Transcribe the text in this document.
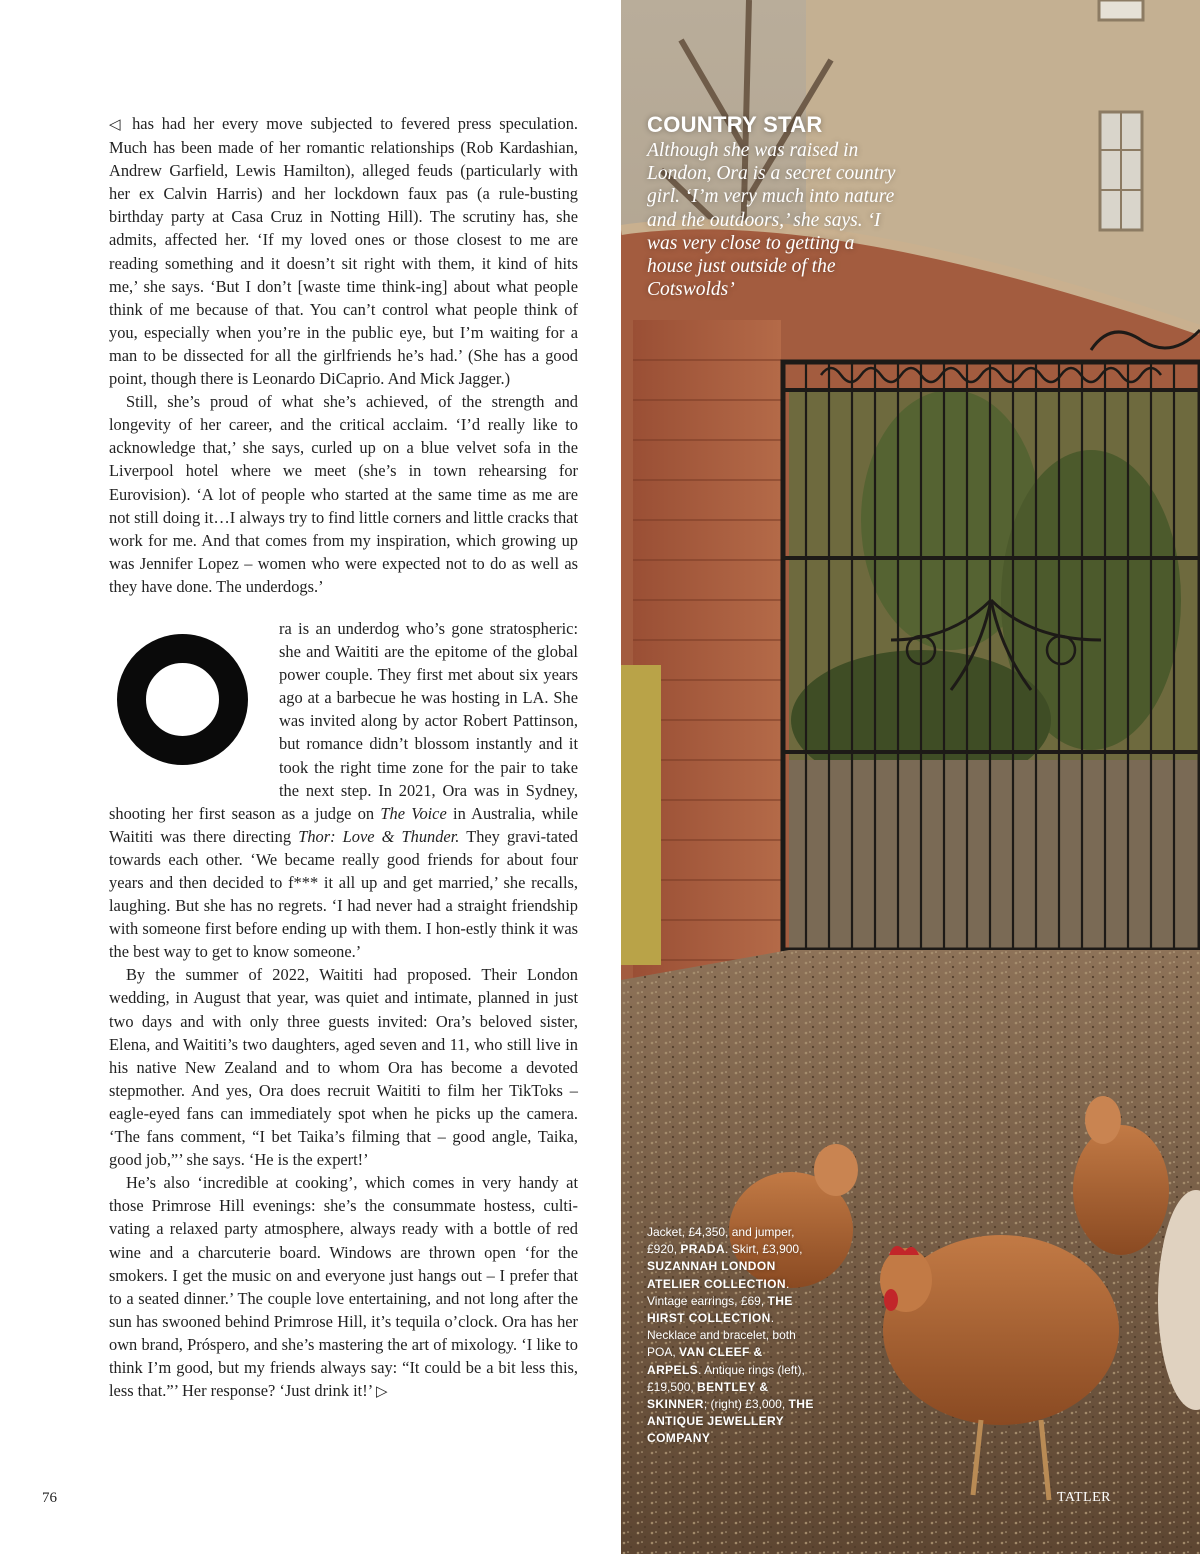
◁ has had her every move subjected to fevered press speculation. Much has been made of her romantic relationships (Rob Kardashian, Andrew Garfield, Lewis Hamilton), alleged feuds (particularly with her ex Calvin Harris) and her lockdown faux pas (a rule-busting birthday party at Casa Cruz in Notting Hill). The scrutiny has, she admits, affected her. ‘If my loved ones or those closest to me are reading something and it doesn’t sit right with them, it kind of hits me,’ she says. ‘But I don’t [waste time think-ing] about what people think of me because of that. You can’t control what people think of you, especially when you’re in the public eye, but I’m waiting for a man to be dissected for all the girlfriends he’s had.’ (She has a good point, though there is Leonardo DiCaprio. And Mick Jagger.)

Still, she’s proud of what she’s achieved, of the strength and longevity of her career, and the critical acclaim. ‘I’d really like to acknowledge that,’ she says, curled up on a blue velvet sofa in the Liverpool hotel where we meet (she’s in town rehearsing for Eurovision). ‘A lot of people who started at the same time as me are not still doing it…I always try to find little corners and little cracks that work for me. And that comes from my inspiration, which growing up was Jennifer Lopez – women who were expected not to do as well as they have done. The underdogs.’

ra is an underdog who’s gone stratospheric: she and Waititi are the epitome of the global power couple. They first met about six years ago at a barbecue he was hosting in LA. She was invited along by actor Robert Pattinson, but romance didn’t blossom instantly and it took the right time zone for the pair to take the next step. In 2021, Ora was in Sydney, shooting her first season as a judge on The Voice in Australia, while Waititi was there directing Thor: Love & Thunder. They gravi-tated towards each other. ‘We became really good friends for about four years and then decided to f*** it all up and get married,’ she recalls, laughing. But she has no regrets. ‘I had never had a straight friendship with someone first before ending up with them. I hon-estly think it was the best way to get to know someone.’

By the summer of 2022, Waititi had proposed. Their London wedding, in August that year, was quiet and intimate, planned in just two days and with only three guests invited: Ora’s beloved sister, Elena, and Waititi’s two daughters, aged seven and 11, who still live in his native New Zealand and to whom Ora has become a devoted stepmother. And yes, Ora does recruit Waititi to film her TikToks – eagle-eyed fans can immediately spot when he picks up the camera. ‘The fans comment, “I bet Taika’s filming that – good angle, Taika, good job,”’ she says. ‘He is the expert!’

He’s also ‘incredible at cooking’, which comes in very handy at those Primrose Hill evenings: she’s the consummate hostess, culti-vating a relaxed party atmosphere, always ready with a bottle of red wine and a charcuterie board. Windows are thrown open ‘for the smokers. I get the music on and everyone just hangs out – I prefer that to a seated dinner.’ The couple love entertaining, and not long after the sun has swooned behind Primrose Hill, it’s tequila o’clock. Ora has her own brand, Próspero, and she’s mastering the art of mixology. ‘I like to think I’m good, but my friends always say: “It could be a bit less this, less that.”’ Her response? ‘Just drink it!’ ▷

76
COUNTRY STAR
Although she was raised in London, Ora is a secret country girl. ‘I’m very much into nature and the outdoors,’ she says. ‘I was very close to getting a house just outside of the Cotswolds’
Jacket, £4,350, and jumper, £920, PRADA. Skirt, £3,900, SUZANNAH LONDON ATELIER COLLECTION. Vintage earrings, £69, THE HIRST COLLECTION. Necklace and bracelet, both POA, VAN CLEEF & ARPELS. Antique rings (left), £19,500, BENTLEY & SKINNER; (right) £3,000, THE ANTIQUE JEWELLERY COMPANY
TATLER
